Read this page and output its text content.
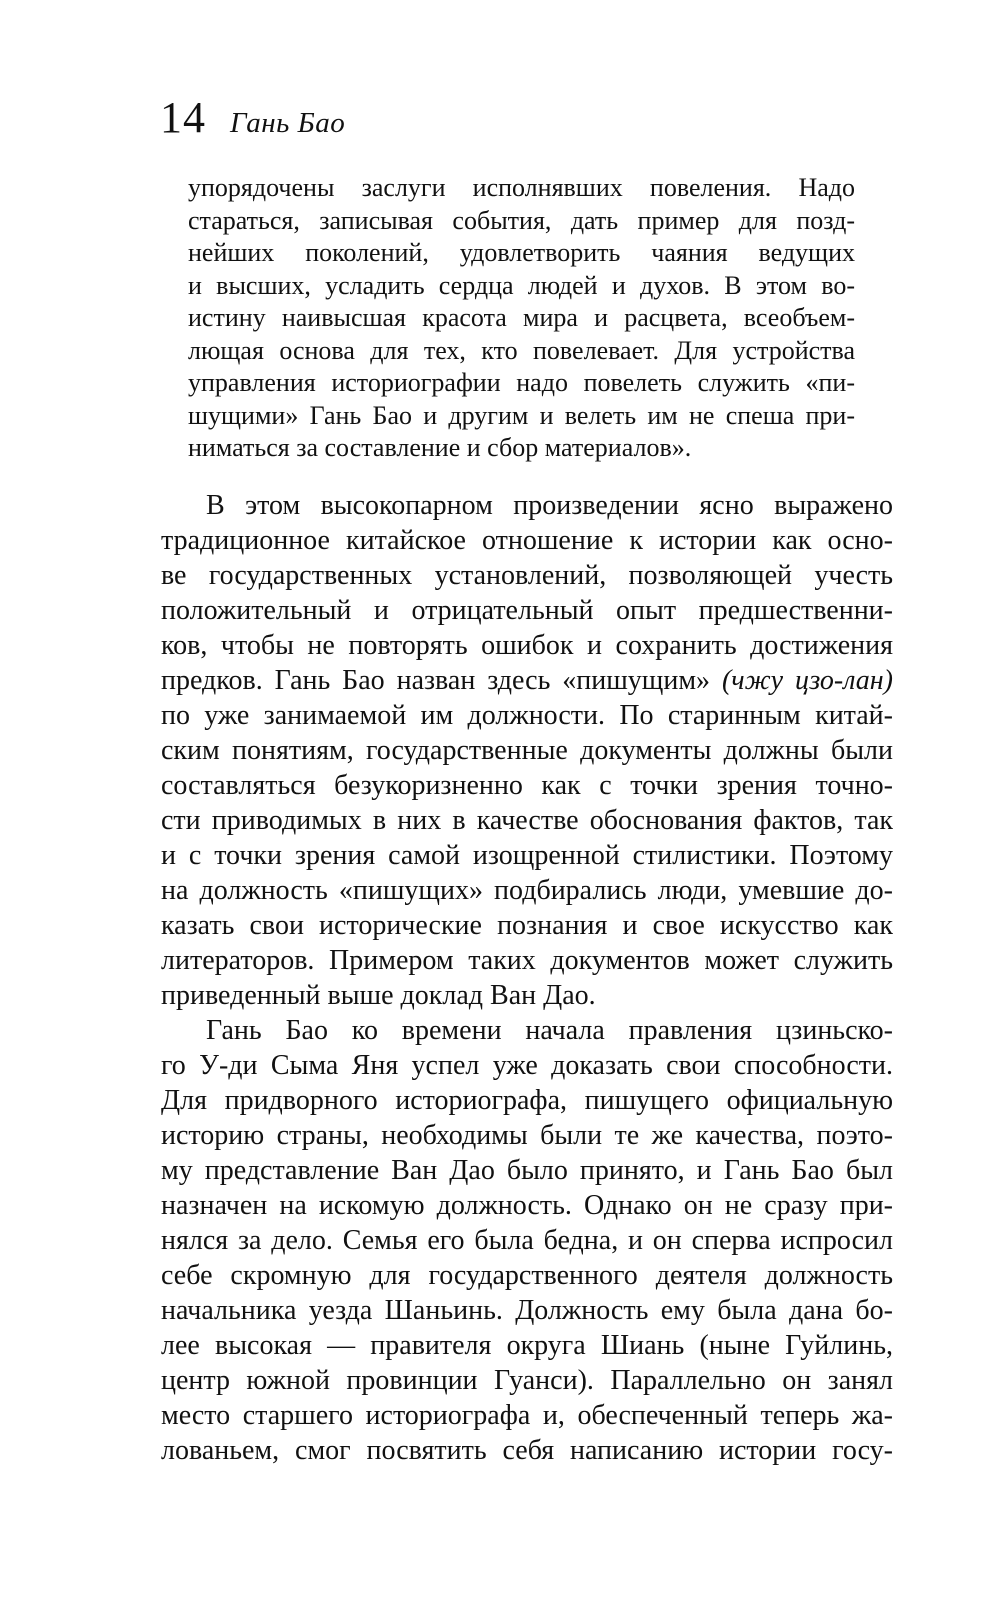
14 Гань Бао
упорядочены заслуги исполнявших повеления. Надо
стараться, записывая события, дать пример для позд-
нейших поколений, удовлетворить чаяния ведущих
и высших, усладить сердца людей и духов. В этом во-
истину наивысшая красота мира и расцвета, всеобъем-
лющая основа для тех, кто повелевает. Для устройства
управления историографии надо повелеть служить «пи-
шущими» Гань Бао и другим и велеть им не спеша при-
ниматься за составление и сбор материалов».
В этом высокопарном произведении ясно выражено
традиционное китайское отношение к истории как осно-
ве государственных установлений, позволяющей учесть
положительный и отрицательный опыт предшественни-
ков, чтобы не повторять ошибок и сохранить достижения
предков. Гань Бао назван здесь «пишущим» (чжу цзо-лан)
по уже занимаемой им должности. По старинным китай-
ским понятиям, государственные документы должны были
составляться безукоризненно как с точки зрения точно-
сти приводимых в них в качестве обоснования фактов, так
и с точки зрения самой изощренной стилистики. Поэтому
на должность «пишущих» подбирались люди, умевшие до-
казать свои исторические познания и свое искусство как
литераторов. Примером таких документов может служить
приведенный выше доклад Ван Дао.
Гань Бао ко времени начала правления цзиньско-
го У-ди Сыма Яня успел уже доказать свои способности.
Для придворного историографа, пишущего официальную
историю страны, необходимы были те же качества, поэто-
му представление Ван Дао было принято, и Гань Бао был
назначен на искомую должность. Однако он не сразу при-
нялся за дело. Семья его была бедна, и он сперва испросил
себе скромную для государственного деятеля должность
начальника уезда Шаньинь. Должность ему была дана бо-
лее высокая — правителя округа Шиань (ныне Гуйлинь,
центр южной провинции Гуанси). Параллельно он занял
место старшего историографа и, обеспеченный теперь жа-
лованьем, смог посвятить себя написанию истории госу-
